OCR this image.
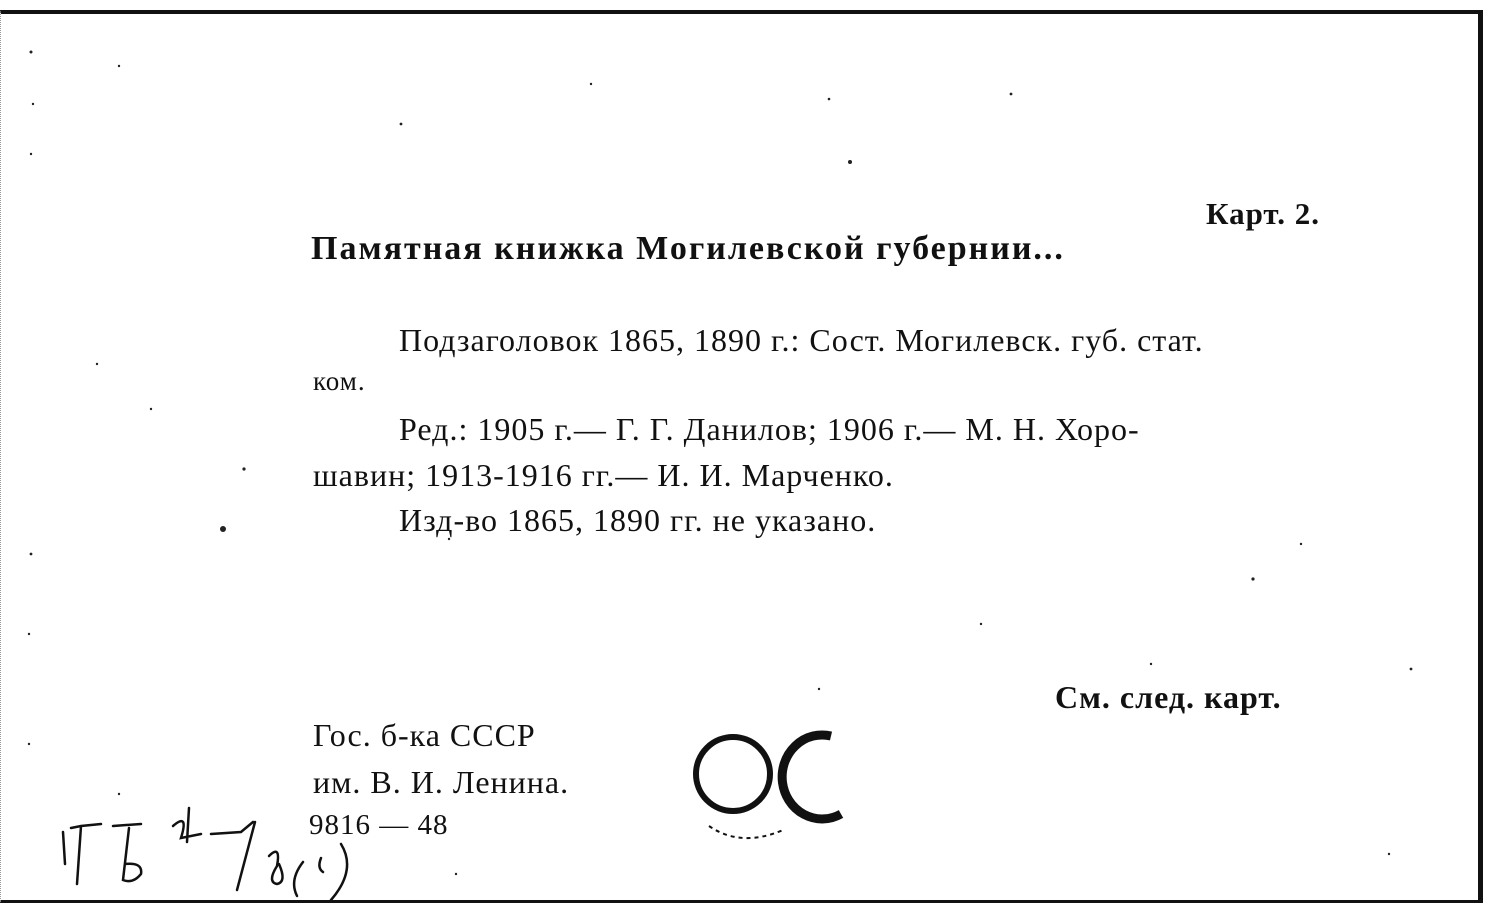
Карт. 2.
Памятная книжка Могилевской губернии...
Подзаголовок 1865, 1890 г.: Сост. Могилевск. губ. стат.
ком.
Ред.: 1905 г.— Г. Г. Данилов; 1906 г.— М. Н. Хоро-
шавин; 1913-1916 гг.— И. И. Марченко.
Изд-во 1865, 1890 гг. не указано.
См. след. карт.
Гос. б-ка СССР
им. В. И. Ленина.
9816 — 48
